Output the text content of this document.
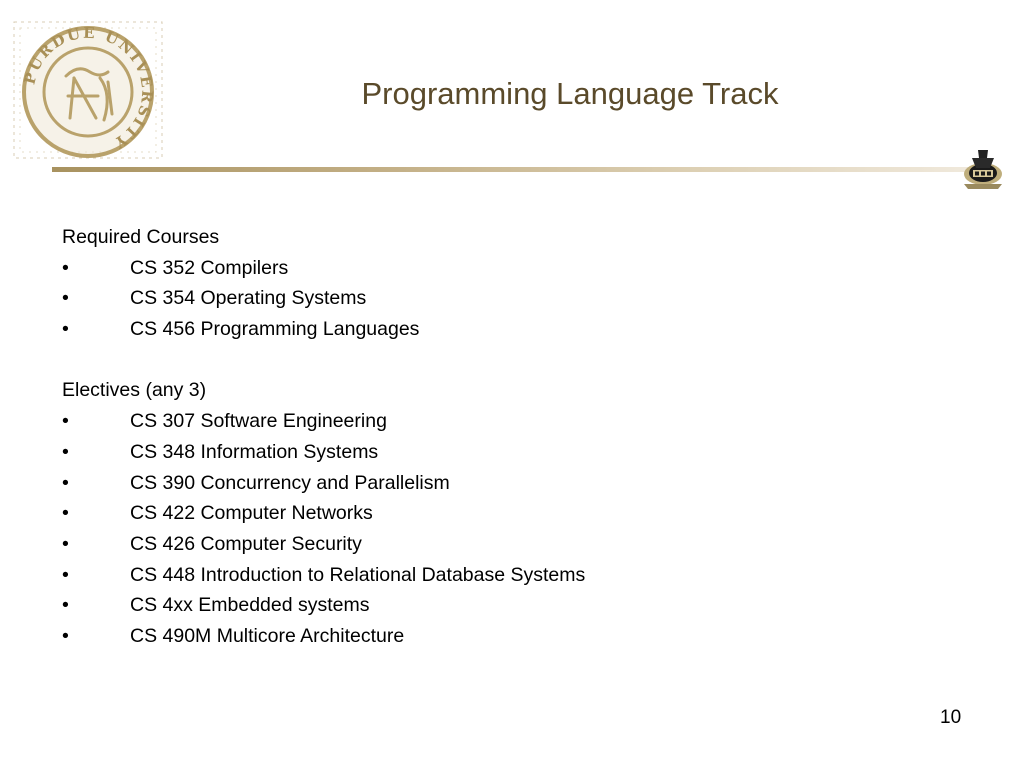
PURDUE UNIVERSITY
Programming Language Track
Required Courses
•	CS 352 Compilers
•	CS 354 Operating Systems
•	CS 456 Programming Languages
Electives (any 3)
•	CS 307 Software Engineering
•	CS 348 Information Systems
•	CS 390 Concurrency and Parallelism
•	CS 422 Computer Networks
•	CS 426 Computer Security
•	CS 448 Introduction to Relational Database Systems
•	CS 4xx Embedded systems
•	CS 490M Multicore Architecture
10
